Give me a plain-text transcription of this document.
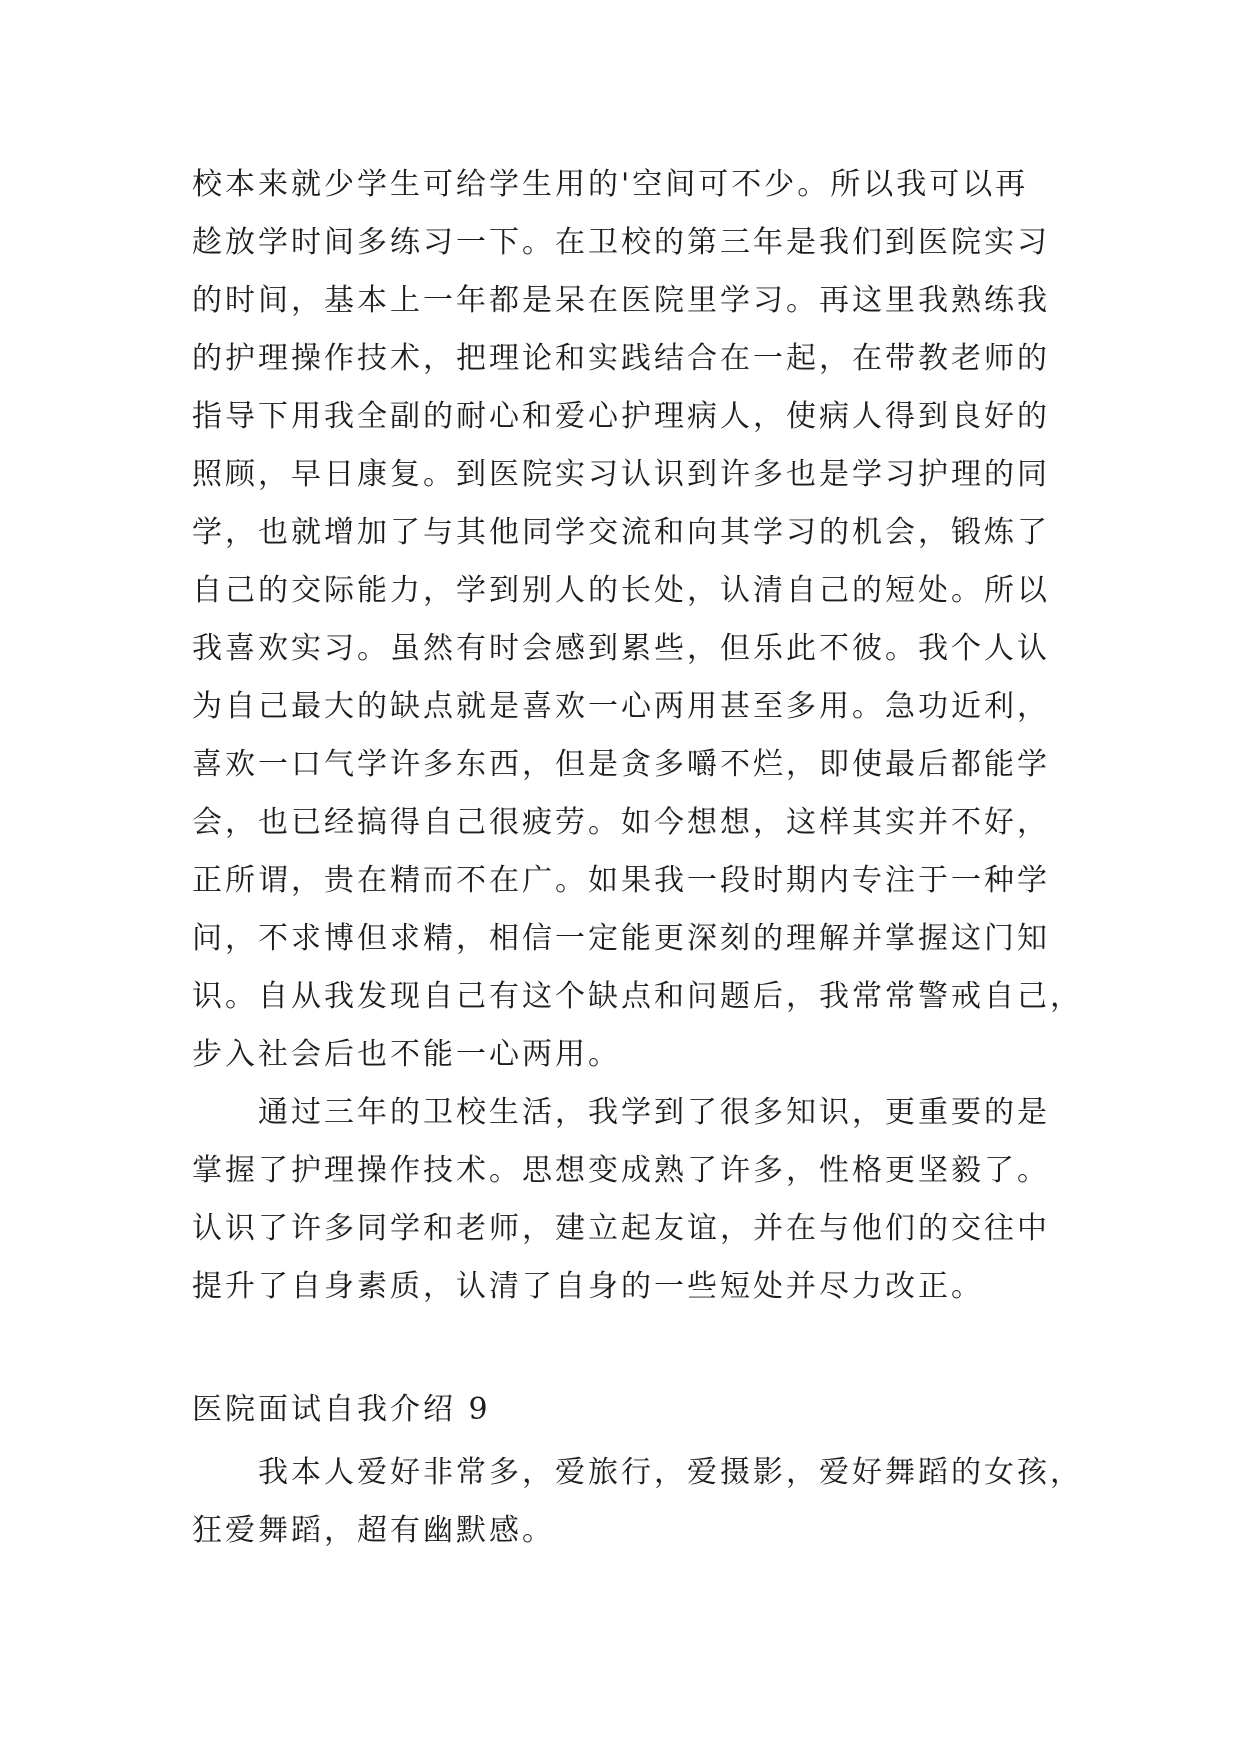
校本来就少学生可给学生用的'空间可不少。所以我可以再
趁放学时间多练习一下。在卫校的第三年是我们到医院实习
的时间，基本上一年都是呆在医院里学习。再这里我熟练我
的护理操作技术，把理论和实践结合在一起，在带教老师的
指导下用我全副的耐心和爱心护理病人，使病人得到良好的
照顾，早日康复。到医院实习认识到许多也是学习护理的同
学，也就增加了与其他同学交流和向其学习的机会，锻炼了
自己的交际能力，学到别人的长处，认清自己的短处。所以
我喜欢实习。虽然有时会感到累些，但乐此不彼。我个人认
为自己最大的缺点就是喜欢一心两用甚至多用。急功近利，
喜欢一口气学许多东西，但是贪多嚼不烂，即使最后都能学
会，也已经搞得自己很疲劳。如今想想，这样其实并不好，
正所谓，贵在精而不在广。如果我一段时期内专注于一种学
问，不求博但求精，相信一定能更深刻的理解并掌握这门知
识。自从我发现自己有这个缺点和问题后，我常常警戒自己，
步入社会后也不能一心两用。
通过三年的卫校生活，我学到了很多知识，更重要的是
掌握了护理操作技术。思想变成熟了许多，性格更坚毅了。
认识了许多同学和老师，建立起友谊，并在与他们的交往中
提升了自身素质，认清了自身的一些短处并尽力改正。
医院面试自我介绍 9
我本人爱好非常多，爱旅行，爱摄影，爱好舞蹈的女孩，
狂爱舞蹈，超有幽默感。
